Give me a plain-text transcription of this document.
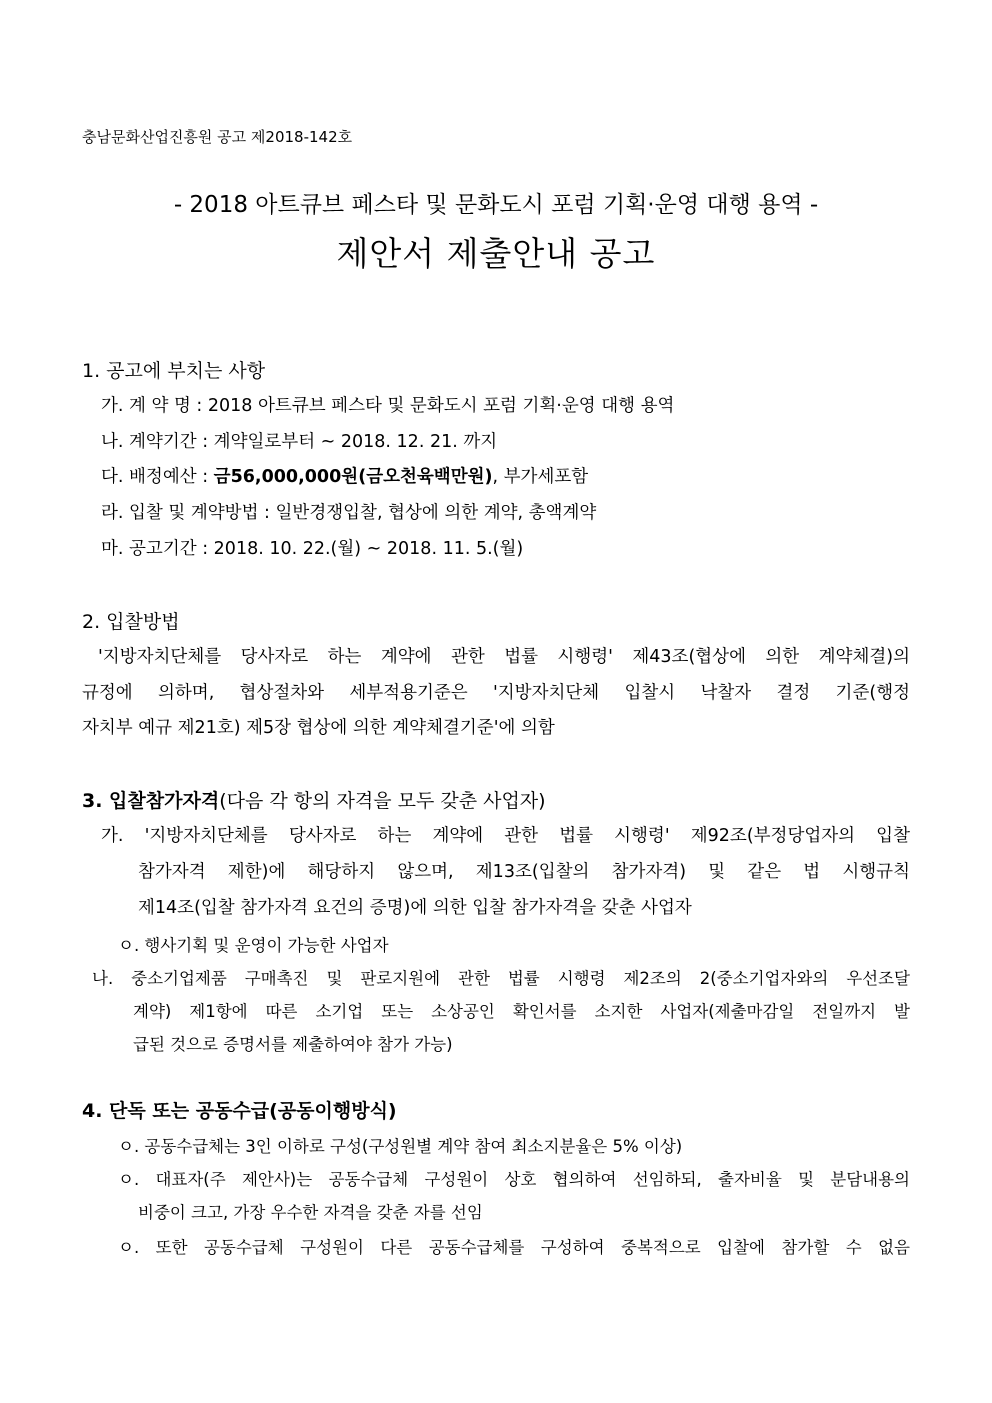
충남문화산업진흥원 공고 제2018-142호
- 2018 아트큐브 페스타 및 문화도시 포럼 기획·운영 대행 용역 -
제안서 제출안내 공고
1. 공고에 부치는 사항
가. 계 약 명 : 2018 아트큐브 페스타 및 문화도시 포럼 기획·운영 대행 용역
나. 계약기간 : 계약일로부터 ~ 2018. 12. 21. 까지
다. 배정예산 : 금56,000,000원(금오천육백만원), 부가세포함
라. 입찰 및 계약방법 : 일반경쟁입찰, 협상에 의한 계약, 총액계약
마. 공고기간 : 2018. 10. 22.(월) ~ 2018. 11. 5.(월)
2. 입찰방법
'지방자치단체를 당사자로 하는 계약에 관한 법률 시행령' 제43조(협상에 의한 계약체결)의
규정에 의하며, 협상절차와 세부적용기준은 '지방자치단체 입찰시 낙찰자 결정 기준(행정
자치부 예규 제21호) 제5장 협상에 의한 계약체결기준'에 의함
3. 입찰참가자격(다음 각 항의 자격을 모두 갖춘 사업자)
가. '지방자치단체를 당사자로 하는 계약에 관한 법률 시행령' 제92조(부정당업자의 입찰
참가자격 제한)에 해당하지 않으며, 제13조(입찰의 참가자격) 및 같은 법 시행규칙
제14조(입찰 참가자격 요건의 증명)에 의한 입찰 참가자격을 갖춘 사업자
ㅇ. 행사기획 및 운영이 가능한 사업자
나. 중소기업제품 구매촉진 및 판로지원에 관한 법률 시행령 제2조의 2(중소기업자와의 우선조달
계약) 제1항에 따른 소기업 또는 소상공인 확인서를 소지한 사업자(제출마감일 전일까지 발
급된 것으로 증명서를 제출하여야 참가 가능)
4. 단독 또는 공동수급(공동이행방식)
ㅇ. 공동수급체는 3인 이하로 구성(구성원별 계약 참여 최소지분율은 5% 이상)
ㅇ. 대표자(주 제안사)는 공동수급체 구성원이 상호 협의하여 선임하되, 출자비율 및 분담내용의
비중이 크고, 가장 우수한 자격을 갖춘 자를 선임
ㅇ. 또한 공동수급체 구성원이 다른 공동수급체를 구성하여 중복적으로 입찰에 참가할 수 없음
